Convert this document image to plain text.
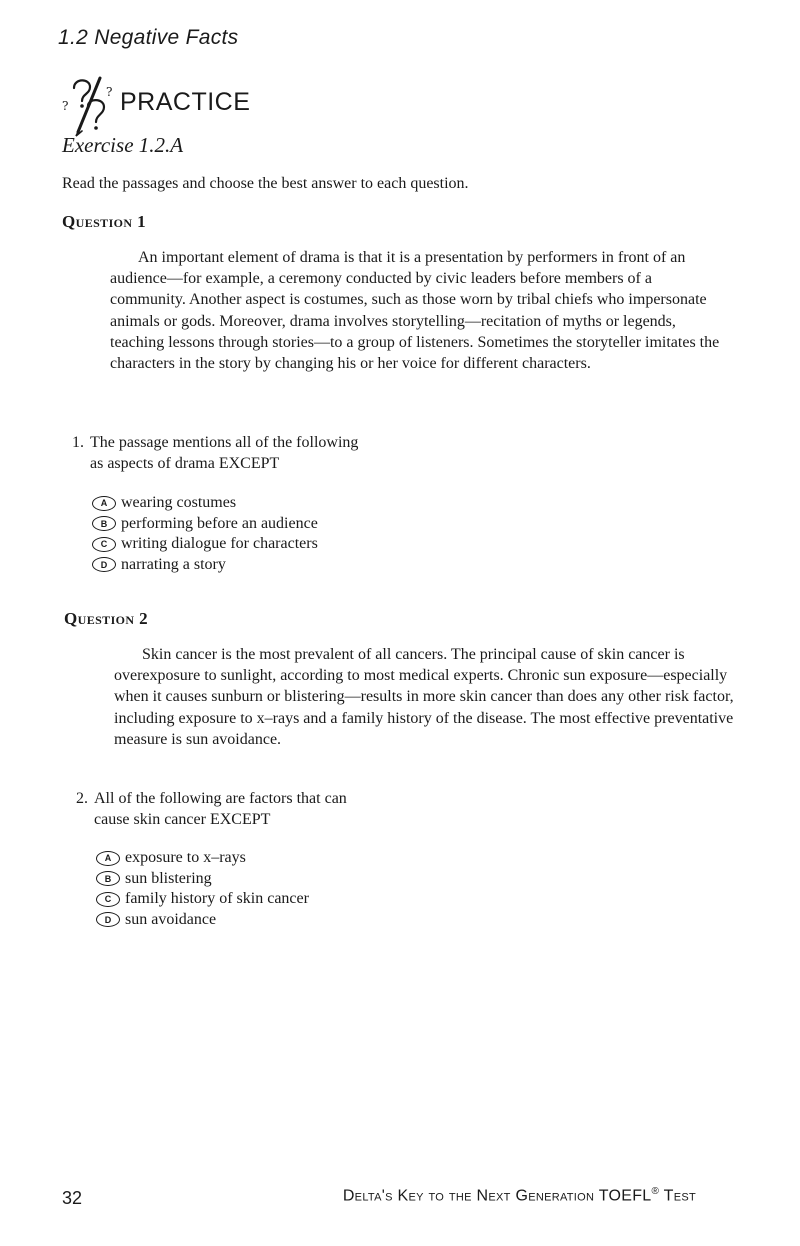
1.2 Negative Facts
?
? PRACTICE
Exercise 1.2.A
Read the passages and choose the best answer to each question.
Question 1
An important element of drama is that it is a presentation by performers in front of an audience—for example, a ceremony conducted by civic leaders before members of a community. Another aspect is costumes, such as those worn by tribal chiefs who impersonate animals or gods. Moreover, drama involves storytelling—recitation of myths or legends, teaching lessons through stories—to a group of listeners. Sometimes the storyteller imitates the characters in the story by changing his or her voice for different characters.
1. The passage mentions all of the following
as aspects of drama EXCEPT
A wearing costumes
B performing before an audience
C writing dialogue for characters
D narrating a story
Question 2
Skin cancer is the most prevalent of all cancers. The principal cause of skin cancer is overexposure to sunlight, according to most medical experts. Chronic sun exposure—especially when it causes sunburn or blistering—results in more skin cancer than does any other risk factor, including exposure to x–rays and a family history of the disease. The most effective preventative measure is sun avoidance.
2. All of the following are factors that can
cause skin cancer EXCEPT
A exposure to x–rays
B sun blistering
C family history of skin cancer
D sun avoidance
32	Delta's Key to the Next Generation TOEFL® Test
